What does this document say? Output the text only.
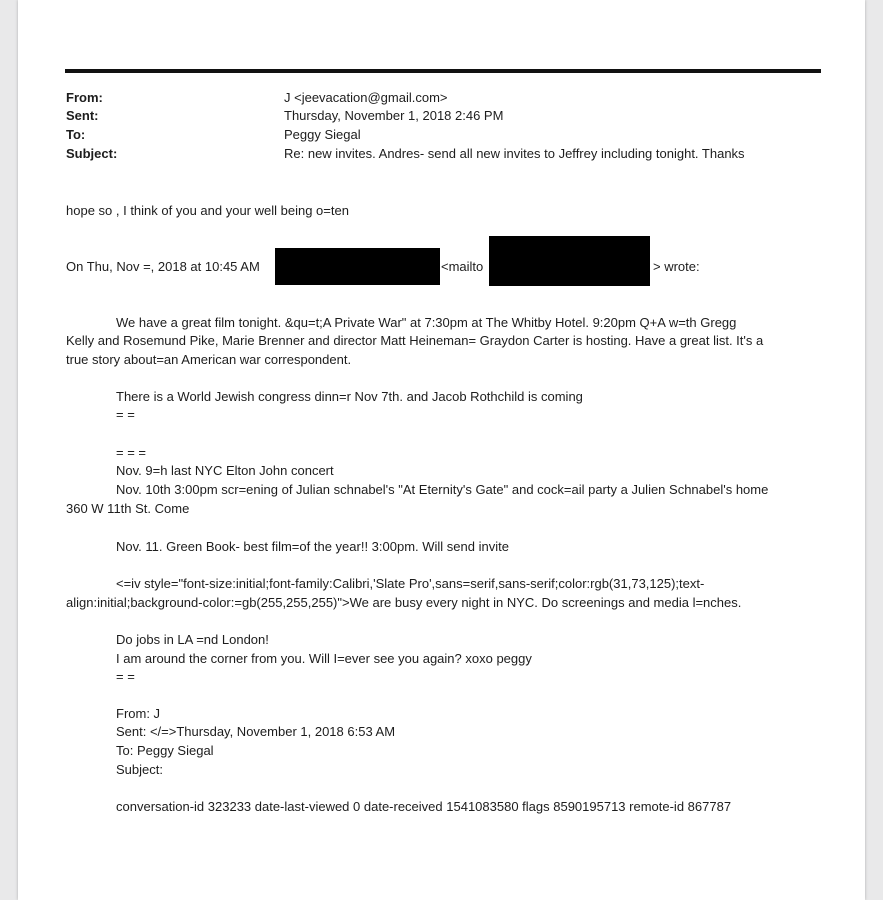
From:
Sent:
To:
Subject:
J <jeevacation@gmail.com>
Thursday, November 1, 2018 2:46 PM
Peggy Siegal
Re: new invites. Andres- send all new invites to Jeffrey including tonight. Thanks
hope so , I think of you and your well being o=ten
On Thu, Nov =, 2018 at 10:45 AM	<mailto	> wrote:
We have a great film tonight. &qu=t;A Private War" at 7:30pm at The Whitby Hotel. 9:20pm Q+A w=th Gregg
Kelly and Rosemund Pike, Marie Brenner and director Matt Heineman= Graydon Carter is hosting. Have a great list. It's a
true story about=an American war correspondent.
There is a World Jewish congress dinn=r Nov 7th. and Jacob Rothchild is coming
= =
= = =
Nov. 9=h last NYC Elton John concert
Nov. 10th 3:00pm scr=ening of Julian schnabel's "At Eternity's Gate" and cock=ail party a Julien Schnabel's home
360 W 11th St. Come
Nov. 11. Green Book- best film=of the year!! 3:00pm. Will send invite
<=iv style="font-size:initial;font-family:Calibri,'Slate Pro',sans=serif,sans-serif;color:rgb(31,73,125);text-
align:initial;background-color:=gb(255,255,255)">We are busy every night in NYC. Do screenings and media l=nches.
Do jobs in LA =nd London!
I am around the corner from you. Will I=ever see you again? xoxo peggy
= =
From: J
Sent: </=>Thursday, November 1, 2018 6:53 AM
To: Peggy Siegal
Subject:
conversation-id 323233 date-last-viewed 0 date-received 1541083580 flags 8590195713 remote-id 867787
